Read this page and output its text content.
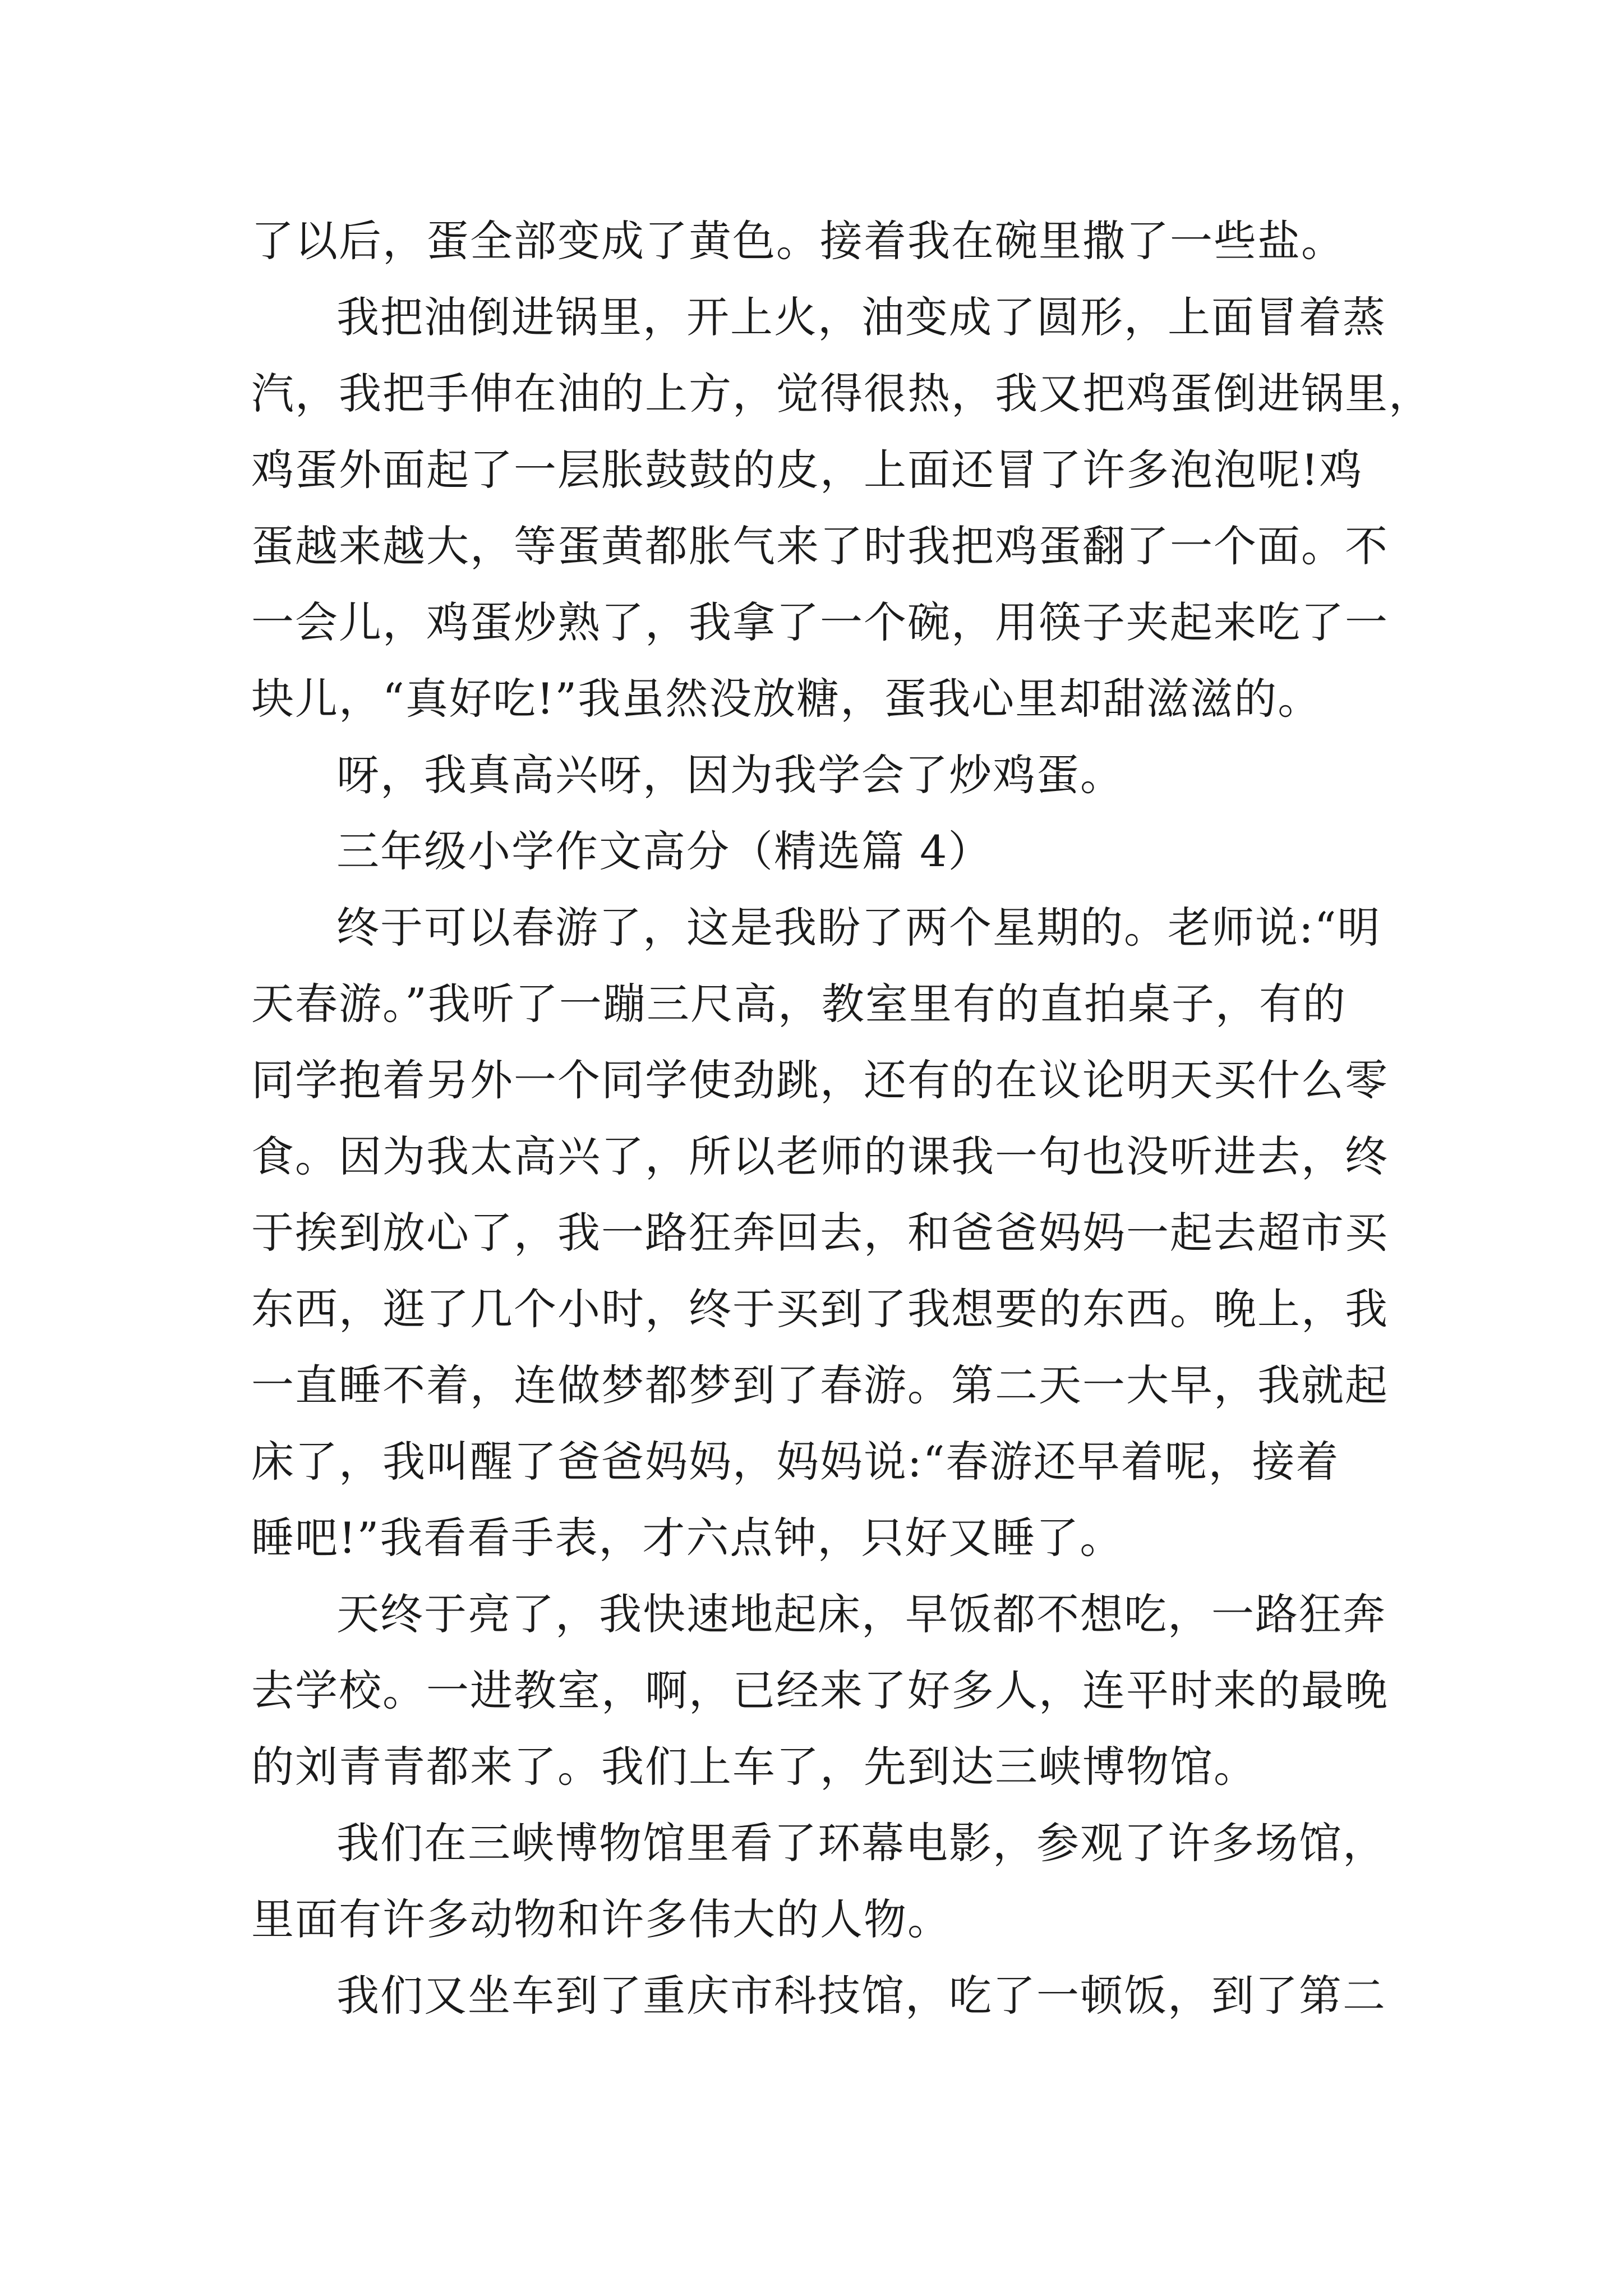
了以后，蛋全部变成了黄色。接着我在碗里撒了一些盐。
我把油倒进锅里，开上火，油变成了圆形，上面冒着蒸
汽，我把手伸在油的上方，觉得很热，我又把鸡蛋倒进锅里，
鸡蛋外面起了一层胀鼓鼓的皮，上面还冒了许多泡泡呢!鸡
蛋越来越大，等蛋黄都胀气来了时我把鸡蛋翻了一个面。不
一会儿，鸡蛋炒熟了，我拿了一个碗，用筷子夹起来吃了一
块儿，“真好吃!”我虽然没放糖，蛋我心里却甜滋滋的。
呀，我真高兴呀，因为我学会了炒鸡蛋。
三年级小学作文高分（精选篇 4）
终于可以春游了，这是我盼了两个星期的。老师说:“明
天春游。”我听了一蹦三尺高，教室里有的直拍桌子，有的
同学抱着另外一个同学使劲跳，还有的在议论明天买什么零
食。因为我太高兴了，所以老师的课我一句也没听进去，终
于挨到放心了，我一路狂奔回去，和爸爸妈妈一起去超市买
东西，逛了几个小时，终于买到了我想要的东西。晚上，我
一直睡不着，连做梦都梦到了春游。第二天一大早，我就起
床了，我叫醒了爸爸妈妈，妈妈说:“春游还早着呢，接着
睡吧!”我看看手表，才六点钟，只好又睡了。
天终于亮了，我快速地起床，早饭都不想吃，一路狂奔
去学校。一进教室，啊，已经来了好多人，连平时来的最晚
的刘青青都来了。我们上车了，先到达三峡博物馆。
我们在三峡博物馆里看了环幕电影，参观了许多场馆，
里面有许多动物和许多伟大的人物。
我们又坐车到了重庆市科技馆，吃了一顿饭，到了第二
